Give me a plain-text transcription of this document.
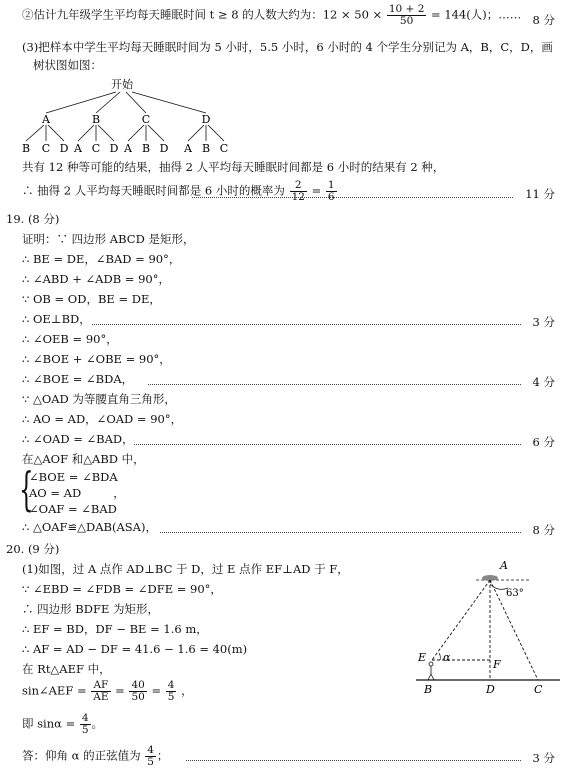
②估计九年级学生平均每天睡眠时间 t ≥ 8 的人数大约为：$12 \times 50 \times \frac{10 + 2}{50} = 144$(人)；…… 8 分
(3)把样本中学生平均每天睡眠时间为 5 小时，5.5 小时，6 小时的 4 个学生分别记为 A，B，C，D，画
树状图如图：
开始
A	B	C	D
B C D A C D A B D A B C
共有 12 种等可能的结果，抽得 2 人平均每天睡眠时间都是 6 小时的结果有 2 种，
∴ 抽得 2 人平均每天睡眠时间都是 6 小时的概率为 $\frac{2}{12} = \frac{1}{6}$	11 分
19. (8 分)
证明：∵ 四边形 ABCD 是矩形，
∴ BE = DE，∠BAD = 90°，
∴ ∠ABD + ∠ADB = 90°，
∵ OB = OD，BE = DE，
∴ OE⊥BD，	3 分
∴ ∠OEB = 90°，
∴ ∠BOE + ∠OBE = 90°，
∴ ∠BOE = ∠BDA，	4 分
∵ △OAD 为等腰直角三角形，
∴ AO = AD，∠OAD = 90°，
∴ ∠OAD = ∠BAD，	6 分
在△AOF 和△ABD 中，
{
∠BOE = ∠BDA
AO = AD	，
∠OAF = ∠BAD
∴ △OAF≌△DAB(ASA)，	8 分
20. (9 分)
(1)如图，过 A 点作 AD⊥BC 于 D，过 E 点作 EF⊥AD 于 F，
∵ ∠EBD = ∠FDB = ∠DFE = 90°，
∴ 四边形 BDFE 为矩形，
∴ EF = BD，DF − BE = 1.6 m，
∴ AF = AD − DF = 41.6 − 1.6 = 40(m)
在 Rt△AEF 中，
sin∠AEF = $\frac{AF}{AE} = \frac{40}{50} = \frac{4}{5}$ ，
即 $\sin\alpha = \frac{4}{5}$ 。
答：仰角 α 的正弦值为 $\frac{4}{5}$ ；	3 分
A
63°
E α
F
B	D	C
